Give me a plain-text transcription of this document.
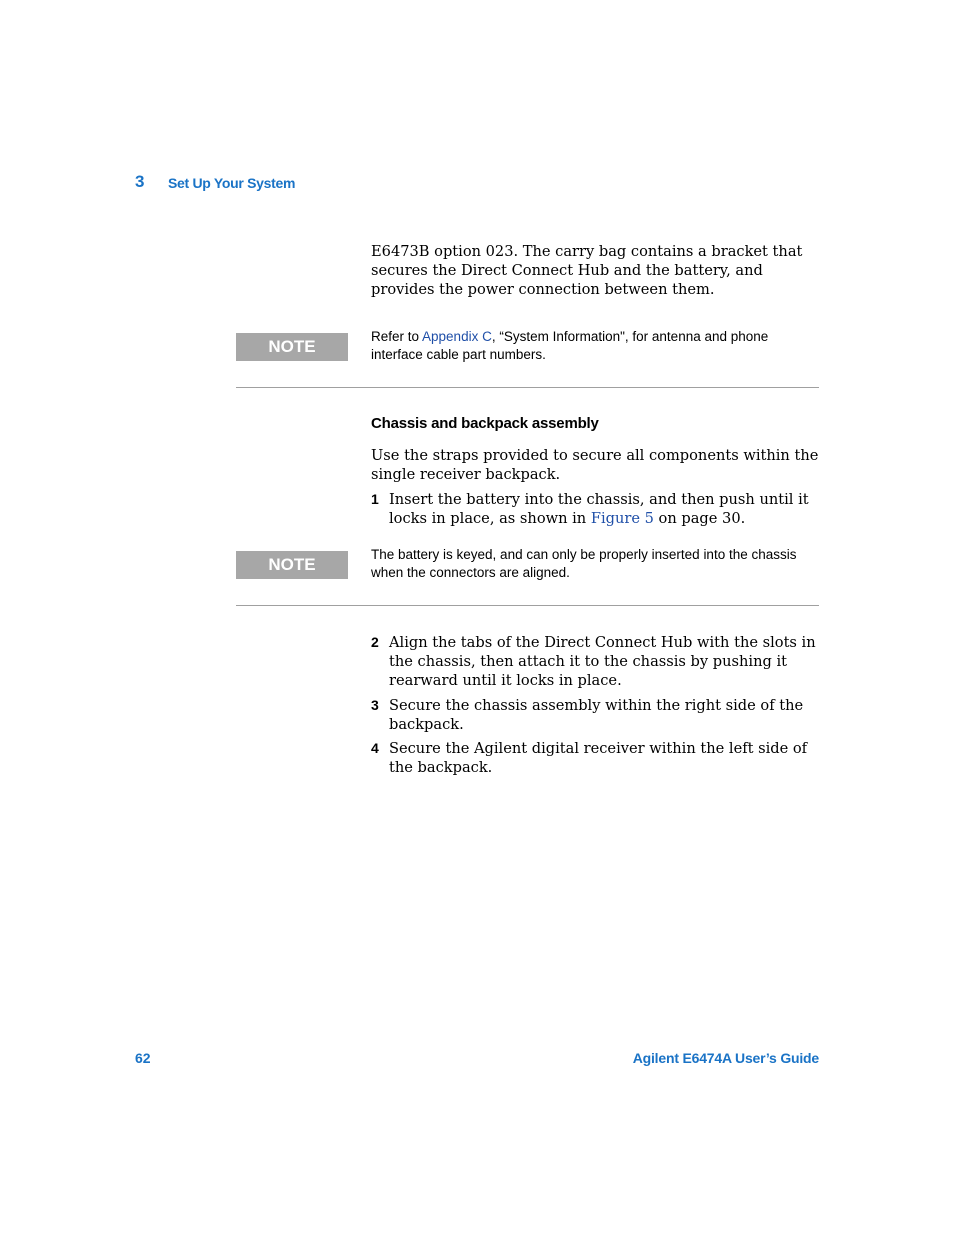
3 Set Up Your System
E6473B option 023. The carry bag contains a bracket that secures the Direct Connect Hub and the battery, and provides the power connection between them.
NOTE
Refer to Appendix C, “System Information", for antenna and phone interface cable part numbers.
Chassis and backpack assembly
Use the straps provided to secure all components within the single receiver backpack.
1 Insert the battery into the chassis, and then push until it locks in place, as shown in Figure 5 on page 30.
NOTE
The battery is keyed, and can only be properly inserted into the chassis when the connectors are aligned.
2 Align the tabs of the Direct Connect Hub with the slots in the chassis, then attach it to the chassis by pushing it rearward until it locks in place.
3 Secure the chassis assembly within the right side of the backpack.
4 Secure the Agilent digital receiver within the left side of the backpack.
62	Agilent E6474A User’s Guide
